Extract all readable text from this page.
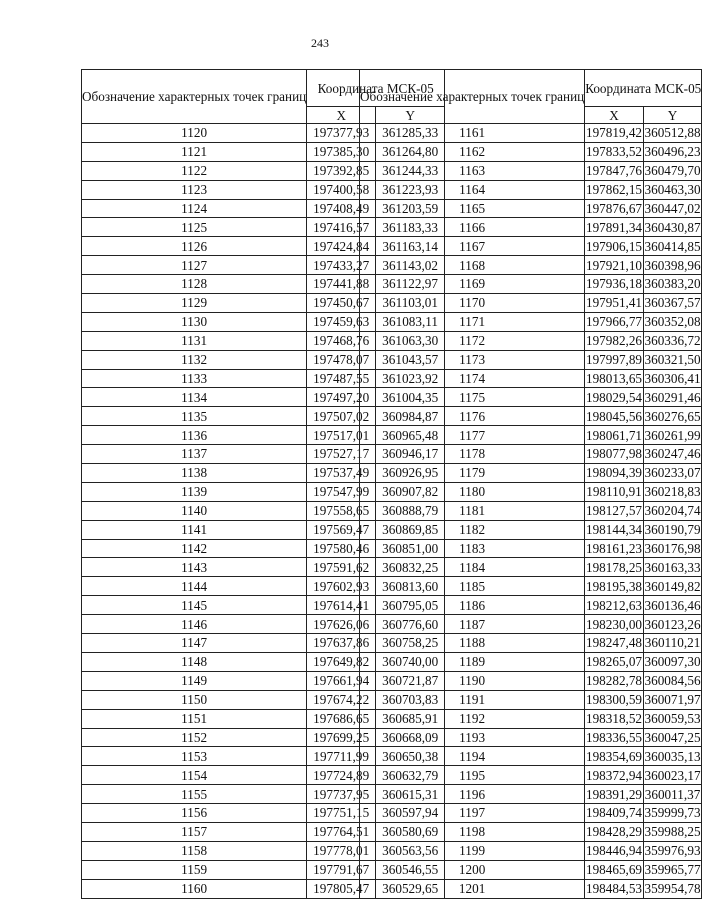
243
Обозначение характерных точек границ	Координата МСК-05	
	X	Y
1120	197377,93	361285,33
1121	197385,30	361264,80
1122	197392,85	361244,33
1123	197400,58	361223,93
1124	197408,49	361203,59
1125	197416,57	361183,33
1126	197424,84	361163,14
1127	197433,27	361143,02
1128	197441,88	361122,97
1129	197450,67	361103,01
1130	197459,63	361083,11
1131	197468,76	361063,30
1132	197478,07	361043,57
1133	197487,55	361023,92
1134	197497,20	361004,35
1135	197507,02	360984,87
1136	197517,01	360965,48
1137	197527,17	360946,17
1138	197537,49	360926,95
1139	197547,99	360907,82
1140	197558,65	360888,79
1141	197569,47	360869,85
1142	197580,46	360851,00
1143	197591,62	360832,25
1144	197602,93	360813,60
1145	197614,41	360795,05
1146	197626,06	360776,60
1147	197637,86	360758,25
1148	197649,82	360740,00
1149	197661,94	360721,87
1150	197674,22	360703,83
1151	197686,65	360685,91
1152	197699,25	360668,09
1153	197711,99	360650,38
1154	197724,89	360632,79
1155	197737,95	360615,31
1156	197751,15	360597,94
1157	197764,51	360580,69
1158	197778,01	360563,56
1159	197791,67	360546,55
1160	197805,47	360529,65
Обозначение характерных точек границ	Координата МСК-05	
	X	Y
1161	197819,42	360512,88
1162	197833,52	360496,23
1163	197847,76	360479,70
1164	197862,15	360463,30
1165	197876,67	360447,02
1166	197891,34	360430,87
1167	197906,15	360414,85
1168	197921,10	360398,96
1169	197936,18	360383,20
1170	197951,41	360367,57
1171	197966,77	360352,08
1172	197982,26	360336,72
1173	197997,89	360321,50
1174	198013,65	360306,41
1175	198029,54	360291,46
1176	198045,56	360276,65
1177	198061,71	360261,99
1178	198077,98	360247,46
1179	198094,39	360233,07
1180	198110,91	360218,83
1181	198127,57	360204,74
1182	198144,34	360190,79
1183	198161,23	360176,98
1184	198178,25	360163,33
1185	198195,38	360149,82
1186	198212,63	360136,46
1187	198230,00	360123,26
1188	198247,48	360110,21
1189	198265,07	360097,30
1190	198282,78	360084,56
1191	198300,59	360071,97
1192	198318,52	360059,53
1193	198336,55	360047,25
1194	198354,69	360035,13
1195	198372,94	360023,17
1196	198391,29	360011,37
1197	198409,74	359999,73
1198	198428,29	359988,25
1199	198446,94	359976,93
1200	198465,69	359965,77
1201	198484,53	359954,78
